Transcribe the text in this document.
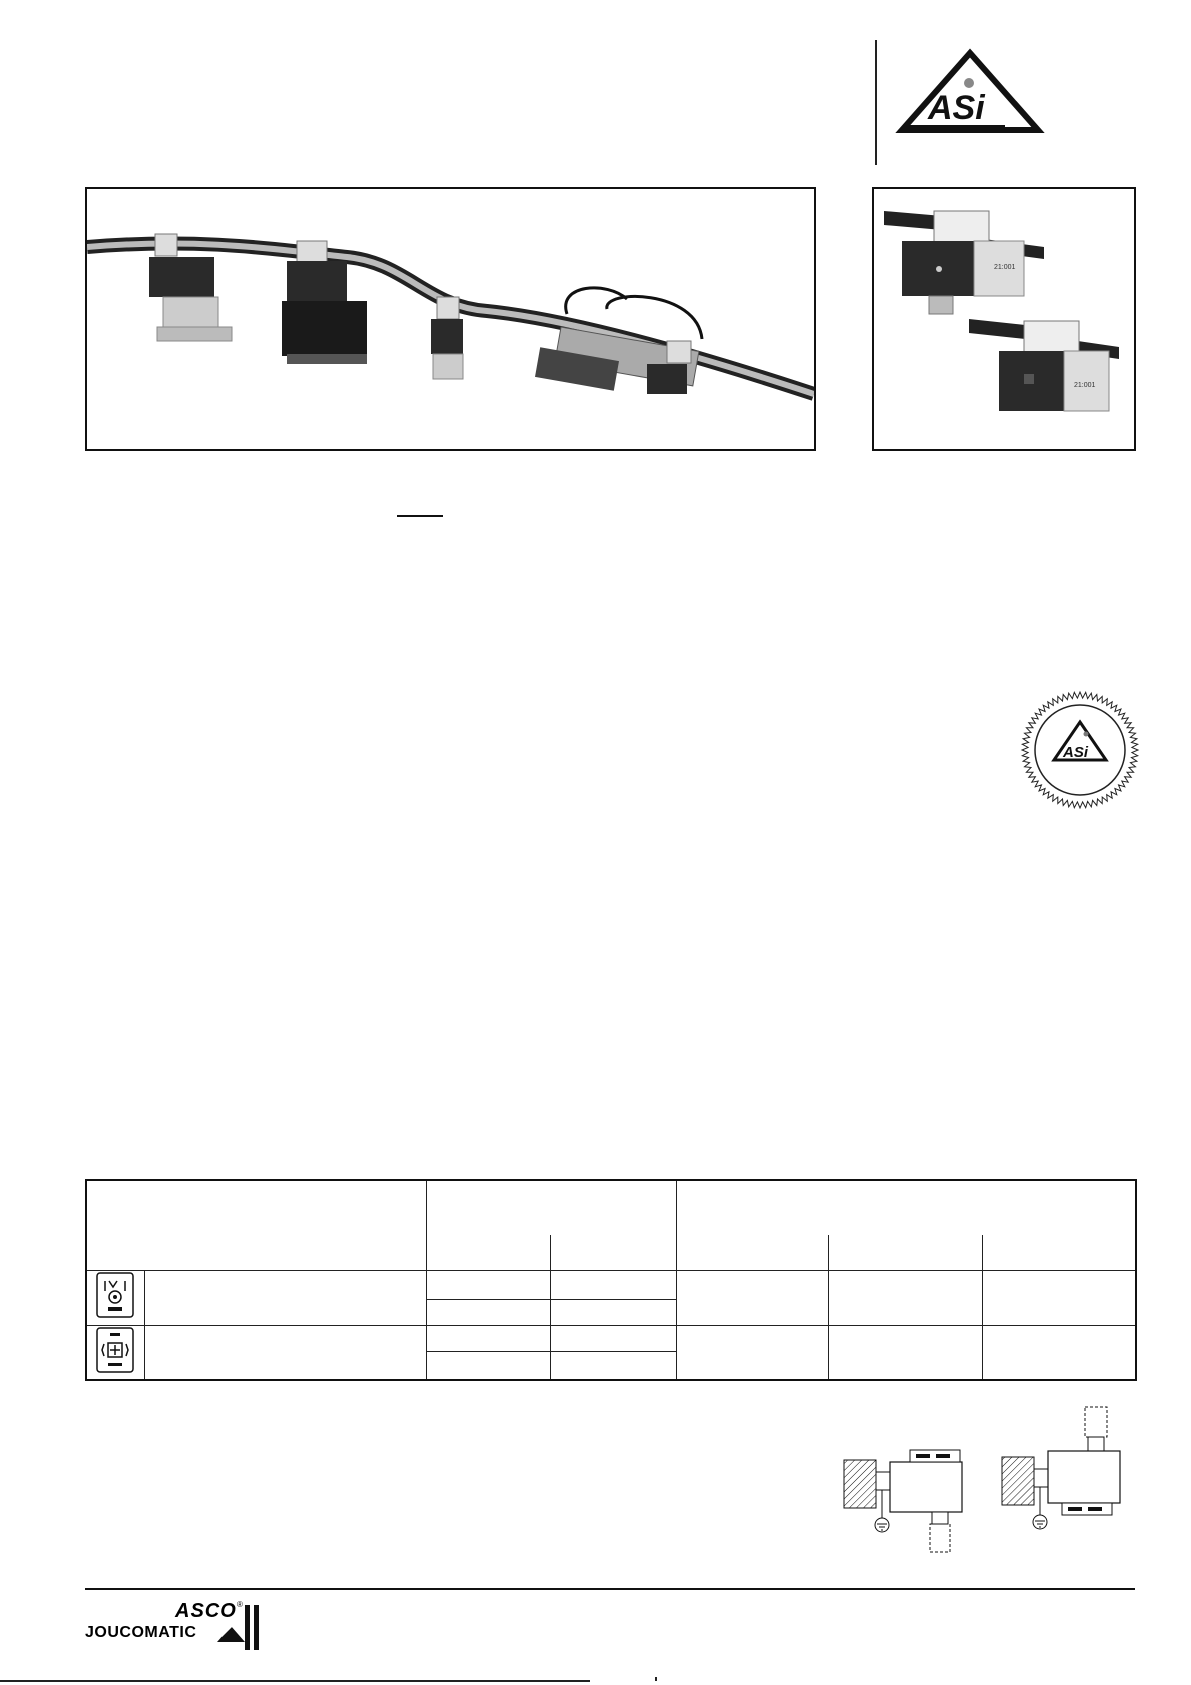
ASi
21:001
21:001
ASi

ASCO ®
JOUCOMATIC
